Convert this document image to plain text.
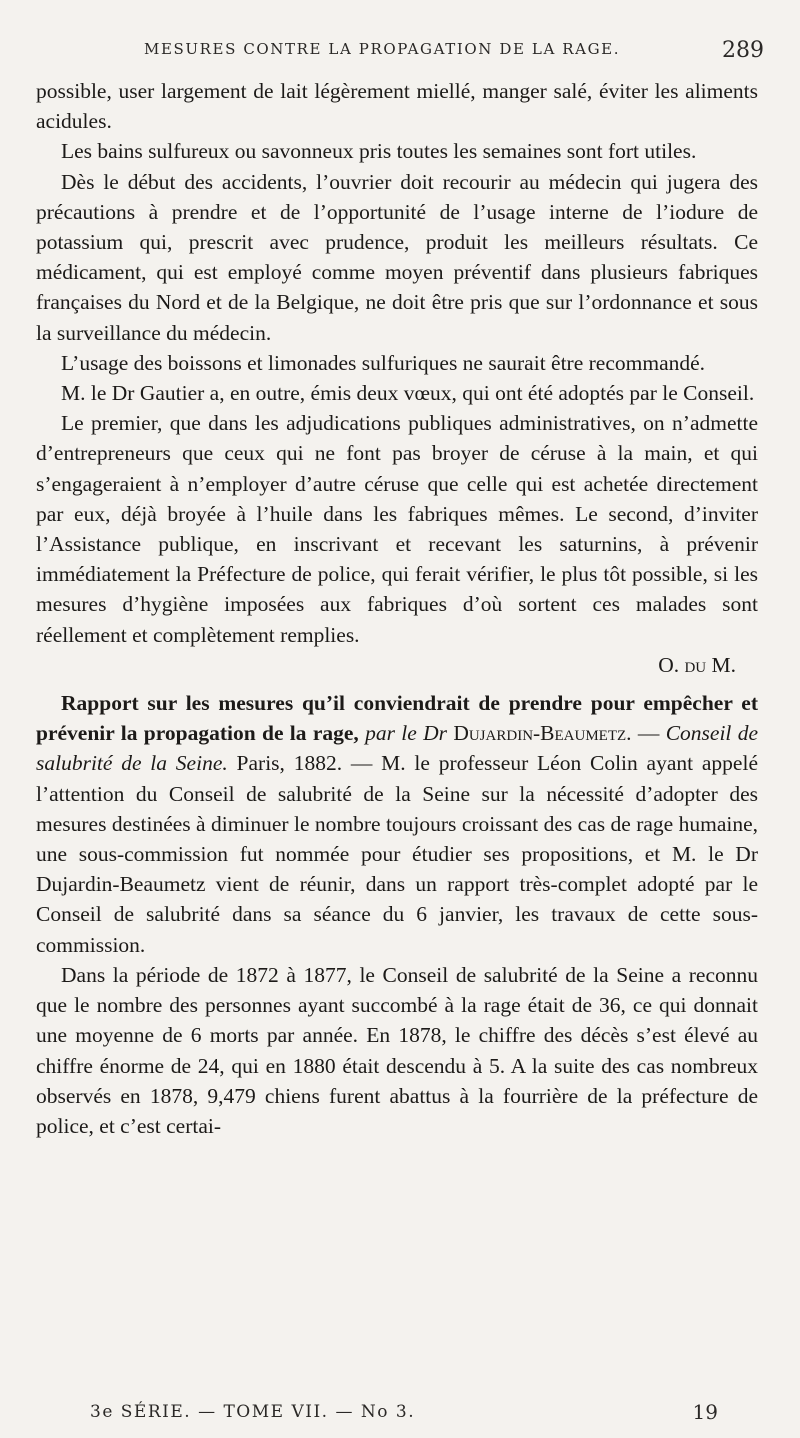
MESURES CONTRE LA PROPAGATION DE LA RAGE.	289

possible, user largement de lait légèrement miellé, manger salé, éviter les aliments acidules.

Les bains sulfureux ou savonneux pris toutes les semaines sont fort utiles.

Dès le début des accidents, l’ouvrier doit recourir au médecin qui jugera des précautions à prendre et de l’opportunité de l’usage interne de l’iodure de potassium qui, prescrit avec prudence, produit les meilleurs résultats. Ce médicament, qui est employé comme moyen préventif dans plusieurs fabriques françaises du Nord et de la Belgique, ne doit être pris que sur l’ordonnance et sous la surveillance du médecin.

L’usage des boissons et limonades sulfuriques ne saurait être recommandé.

M. le Dr Gautier a, en outre, émis deux vœux, qui ont été adoptés par le Conseil.

Le premier, que dans les adjudications publiques administratives, on n’admette d’entrepreneurs que ceux qui ne font pas broyer de céruse à la main, et qui s’engageraient à n’employer d’autre céruse que celle qui est achetée directement par eux, déjà broyée à l’huile dans les fabriques mêmes. Le second, d’inviter l’Assistance publique, en inscrivant et recevant les saturnins, à prévenir immédiatement la Préfecture de police, qui ferait vérifier, le plus tôt possible, si les mesures d’hygiène imposées aux fabriques d’où sortent ces malades sont réellement et complètement remplies.

O. du M.

Rapport sur les mesures qu’il conviendrait de prendre pour empêcher et prévenir la propagation de la rage, par le Dr Dujardin-Beaumetz. — Conseil de salubrité de la Seine. Paris, 1882. — M. le professeur Léon Colin ayant appelé l’attention du Conseil de salubrité de la Seine sur la nécessité d’adopter des mesures destinées à diminuer le nombre toujours croissant des cas de rage humaine, une sous-commission fut nommée pour étudier ses propositions, et M. le Dr Dujardin-Beaumetz vient de réunir, dans un rapport très-complet adopté par le Conseil de salubrité dans sa séance du 6 janvier, les travaux de cette sous-commission.

Dans la période de 1872 à 1877, le Conseil de salubrité de la Seine a reconnu que le nombre des personnes ayant succombé à la rage était de 36, ce qui donnait une moyenne de 6 morts par année. En 1878, le chiffre des décès s’est élevé au chiffre énorme de 24, qui en 1880 était descendu à 5. A la suite des cas nombreux observés en 1878, 9,479 chiens furent abattus à la fourrière de la préfecture de police, et c’est certai-

3e SÉRIE. — TOME VII. — No 3.	19
